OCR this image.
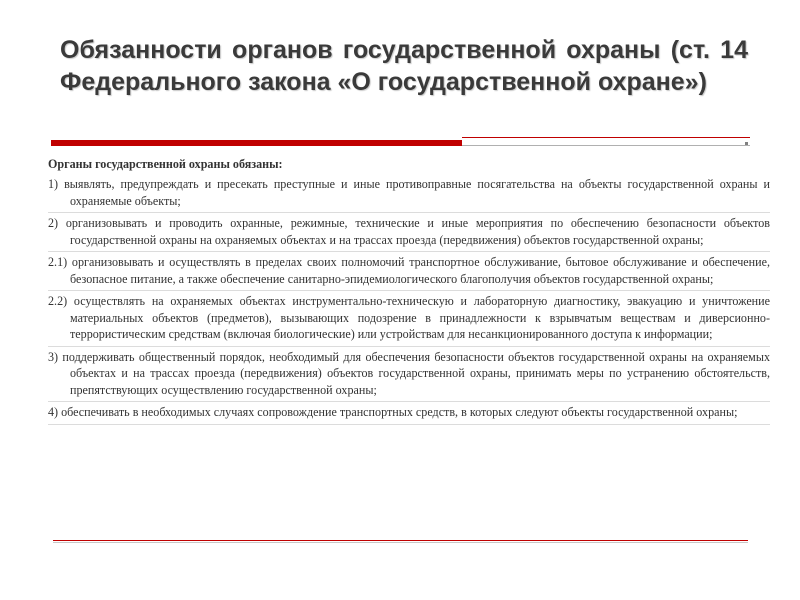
Обязанности органов государственной охраны (ст. 14 Федерального закона «О государственной охране»)
Органы государственной охраны обязаны:
1) выявлять, предупреждать и пресекать преступные и иные противоправные посягательства на объекты государственной охраны и охраняемые объекты;
2) организовывать и проводить охранные, режимные, технические и иные мероприятия по обеспечению безопасности объектов государственной охраны на охраняемых объектах и на трассах проезда (передвижения) объектов государственной охраны;
2.1) организовывать и осуществлять в пределах своих полномочий транспортное обслуживание, бытовое обслуживание и обеспечение, безопасное питание, а также обеспечение санитарно-эпидемиологического благополучия объектов государственной охраны;
2.2) осуществлять на охраняемых объектах инструментально-техническую и лабораторную диагностику, эвакуацию и уничтожение материальных объектов (предметов), вызывающих подозрение в принадлежности к взрывчатым веществам и диверсионно-террористическим средствам (включая биологические) или устройствам для несанкционированного доступа к информации;
3) поддерживать общественный порядок, необходимый для обеспечения безопасности объектов государственной охраны на охраняемых объектах и на трассах проезда (передвижения) объектов государственной охраны, принимать меры по устранению обстоятельств, препятствующих осуществлению государственной охраны;
4) обеспечивать в необходимых случаях сопровождение транспортных средств, в которых следуют объекты государственной охраны;
